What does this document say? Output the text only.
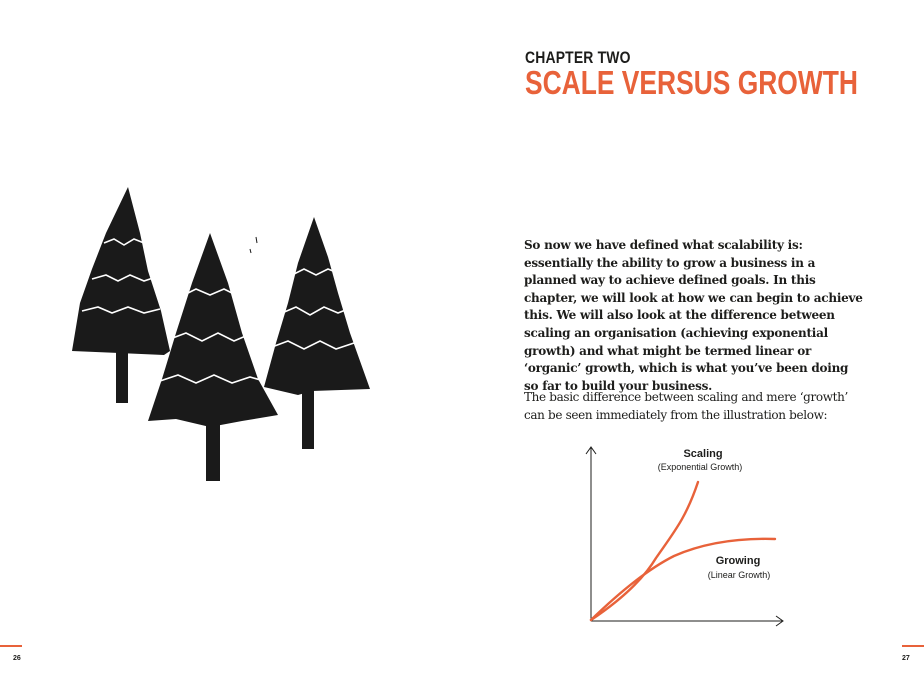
26
CHAPTER TWO
SCALE VERSUS GROWTH

So now we have defined what scalability is: essentially the ability to grow a business in a planned way to achieve defined goals. In this chapter, we will look at how we can begin to achieve this. We will also look at the difference between scaling an organisation (achieving exponential growth) and what might be termed linear or ‘organic’ growth, which is what you’ve been doing so far to build your business.

The basic difference between scaling and mere ‘growth’ can be seen immediately from the illustration below:

Scaling
(Exponential Growth)
Growing
(Linear Growth)
27
